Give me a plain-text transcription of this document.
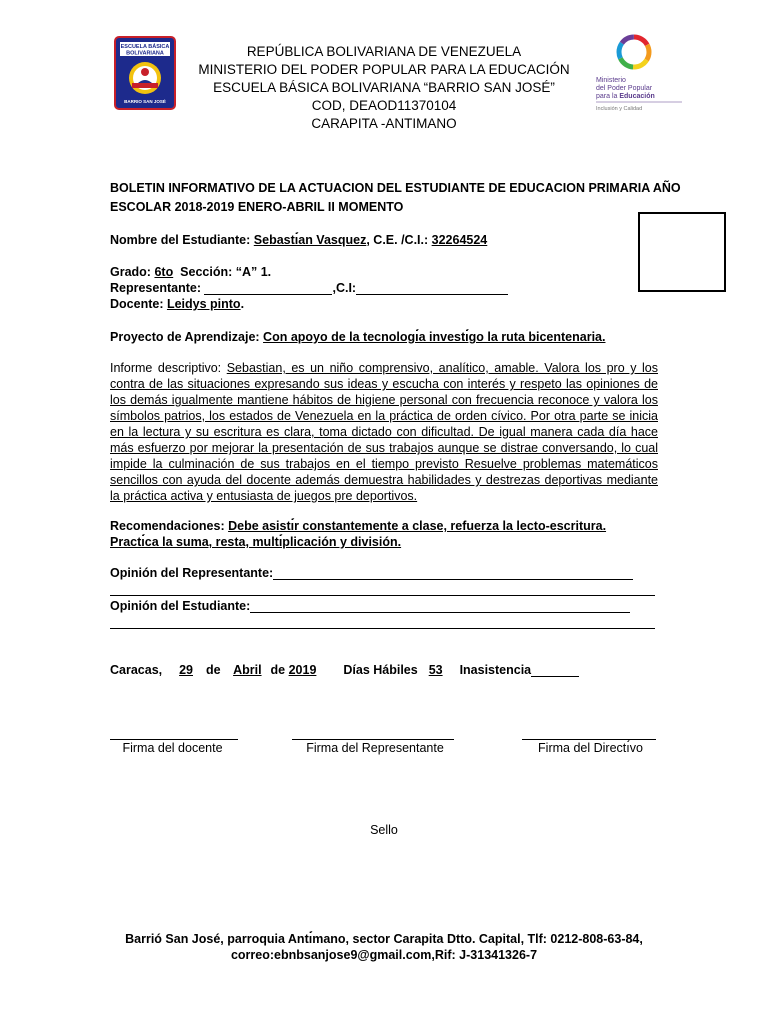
ESCUELA BÁSICA
BOLIVARIANA
BARRIO SAN JOSÉ
Ministerio
del Poder Popular
para la Educación
Inclusión y Calidad
REPÚBLICA BOLIVARIANA DE VENEZUELA
MINISTERIO DEL PODER POPULAR PARA LA EDUCACIÓN
ESCUELA BÁSICA BOLIVARIANA “BARRIO SAN JOSÉ”
COD, DEAOD11370104
CARAPITA -ANTIMANO
BOLETIN INFORMATIVO DE LA ACTUACION DEL ESTUDIANTE DE EDUCACION PRIMARIA AÑO
ESCOLAR 2018-2019 ENERO-ABRIL II MOMENTO
Nombre del Estudiante: Sebastı̇́an Vasquez, C.E. /C.I.: 32264524
Grado: 6to  Sección: “A” 1.
Representante:	,C.I:
Docente: Leidys pinto.
Proyecto de Aprendizaje: Con apoyo de la tecnologı̇́a investı̇́go la ruta bicentenaria.
Informe descriptivo: Sebastian, es un niño comprensivo, analítico, amable. Valora los pro y los contra de las situaciones expresando sus ideas y escucha con interés y respeto las opiniones de los demás igualmente mantiene hábitos de higiene personal con frecuencia reconoce y valora los símbolos patrios, los estados de Venezuela en la práctica de orden cívico. Por otra parte se inicia en la lectura y su escritura es clara, toma dictado con dificultad. De igual manera cada día hace más esfuerzo por mejorar la presentación de sus trabajos aunque se distrae conversando, lo cual impide la culminación de sus trabajos en el tiempo previsto Resuelve problemas matemáticos sencillos con ayuda del docente además demuestra habilidades y destrezas deportivas mediante la práctica activa y entusiasta de juegos pre deportivos.
Recomendaciones: Debe asistı̇́r constantemente a clase, refuerza la lecto-escritura. Practı̇́ca la suma, resta, multı̇́plicación y división.
Opinión del Representante:
Opinión del Estudiante:
Caracas, 29 de Abril de 2019 Días Hábiles 53 Inasistencia
Firma del docente	Firma del Representante	Firma del Directı̇́vo
Sello
Barrió San José, parroquia Antı̇́mano, sector Carapita Dtto. Capital, Tlf: 0212-808-63-84,
correo:ebnbsanjose9@gmail.com,Rif: J-31341326-7
